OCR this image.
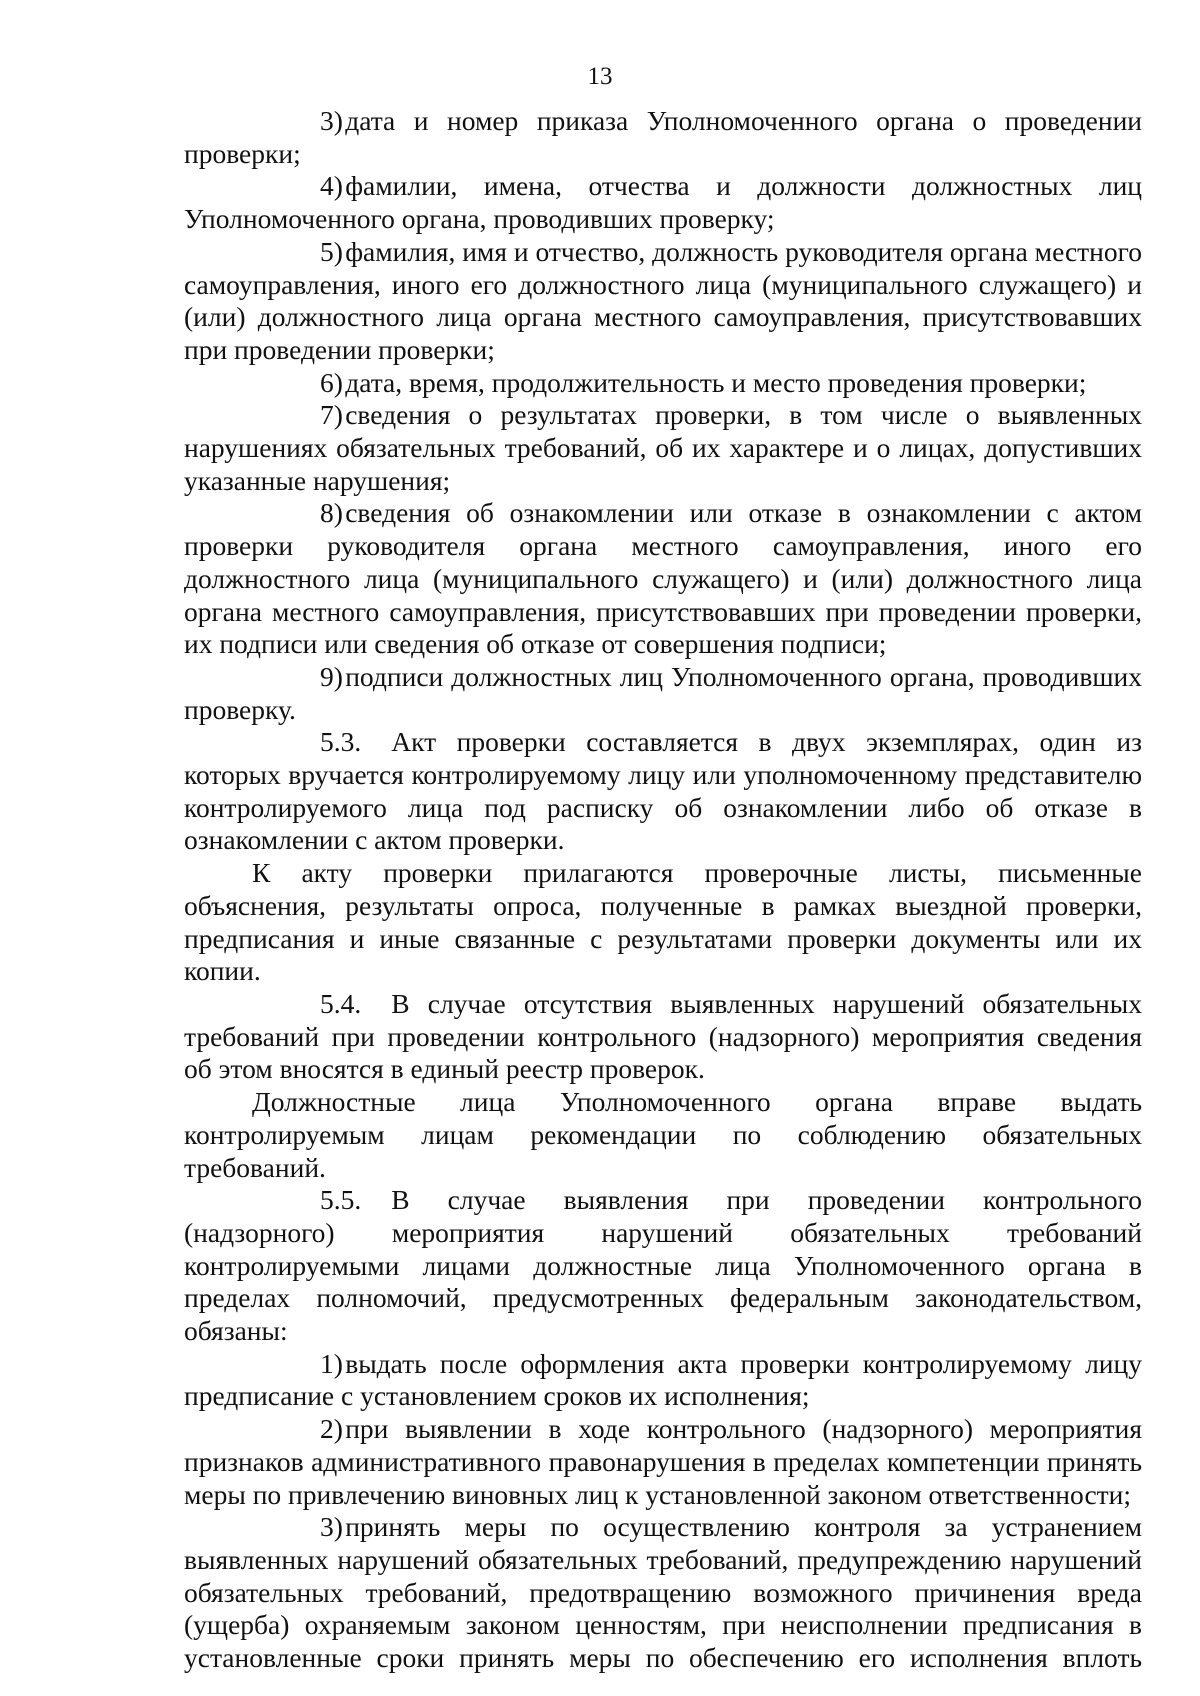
13

3) дата и номер приказа Уполномоченного органа о проведении проверки;

4) фамилии, имена, отчества и должности должностных лиц Уполномоченного органа, проводивших проверку;

5) фамилия, имя и отчество, должность руководителя органа местного самоуправления, иного его должностного лица (муниципального служащего) и (или) должностного лица органа местного самоуправления, присутствовавших при проведении проверки;

6) дата, время, продолжительность и место проведения проверки;

7) сведения о результатах проверки, в том числе о выявленных нарушениях обязательных требований, об их характере и о лицах, допустивших указанные нарушения;

8) сведения об ознакомлении или отказе в ознакомлении с актом проверки руководителя органа местного самоуправления, иного его должностного лица (муниципального служащего) и (или) должностного лица органа местного самоуправления, присутствовавших при проведении проверки, их подписи или сведения об отказе от совершения подписи;

9) подписи должностных лиц Уполномоченного органа, проводивших проверку.

5.3. Акт проверки составляется в двух экземплярах, один из которых вручается контролируемому лицу или уполномоченному представителю контролируемого лица под расписку об ознакомлении либо об отказе в ознакомлении с актом проверки.

К акту проверки прилагаются проверочные листы, письменные объяснения, результаты опроса, полученные в рамках выездной проверки, предписания и иные связанные с результатами проверки документы или их копии.

5.4. В случае отсутствия выявленных нарушений обязательных требований при проведении контрольного (надзорного) мероприятия сведения об этом вносятся в единый реестр проверок.

Должностные лица Уполномоченного органа вправе выдать контролируемым лицам рекомендации по соблюдению обязательных требований.

5.5. В случае выявления при проведении контрольного (надзорного) мероприятия нарушений обязательных требований контролируемыми лицами должностные лица Уполномоченного органа в пределах полномочий, предусмотренных федеральным законодательством, обязаны:

1) выдать после оформления акта проверки контролируемому лицу предписание с установлением сроков их исполнения;

2) при выявлении в ходе контрольного (надзорного) мероприятия признаков административного правонарушения в пределах компетенции принять меры по привлечению виновных лиц к установленной законом ответственности;

3) принять меры по осуществлению контроля за устранением выявленных нарушений обязательных требований, предупреждению нарушений обязательных требований, предотвращению возможного причинения вреда (ущерба) охраняемым законом ценностям, при неисполнении предписания в установленные сроки принять меры по обеспечению его исполнения вплоть
